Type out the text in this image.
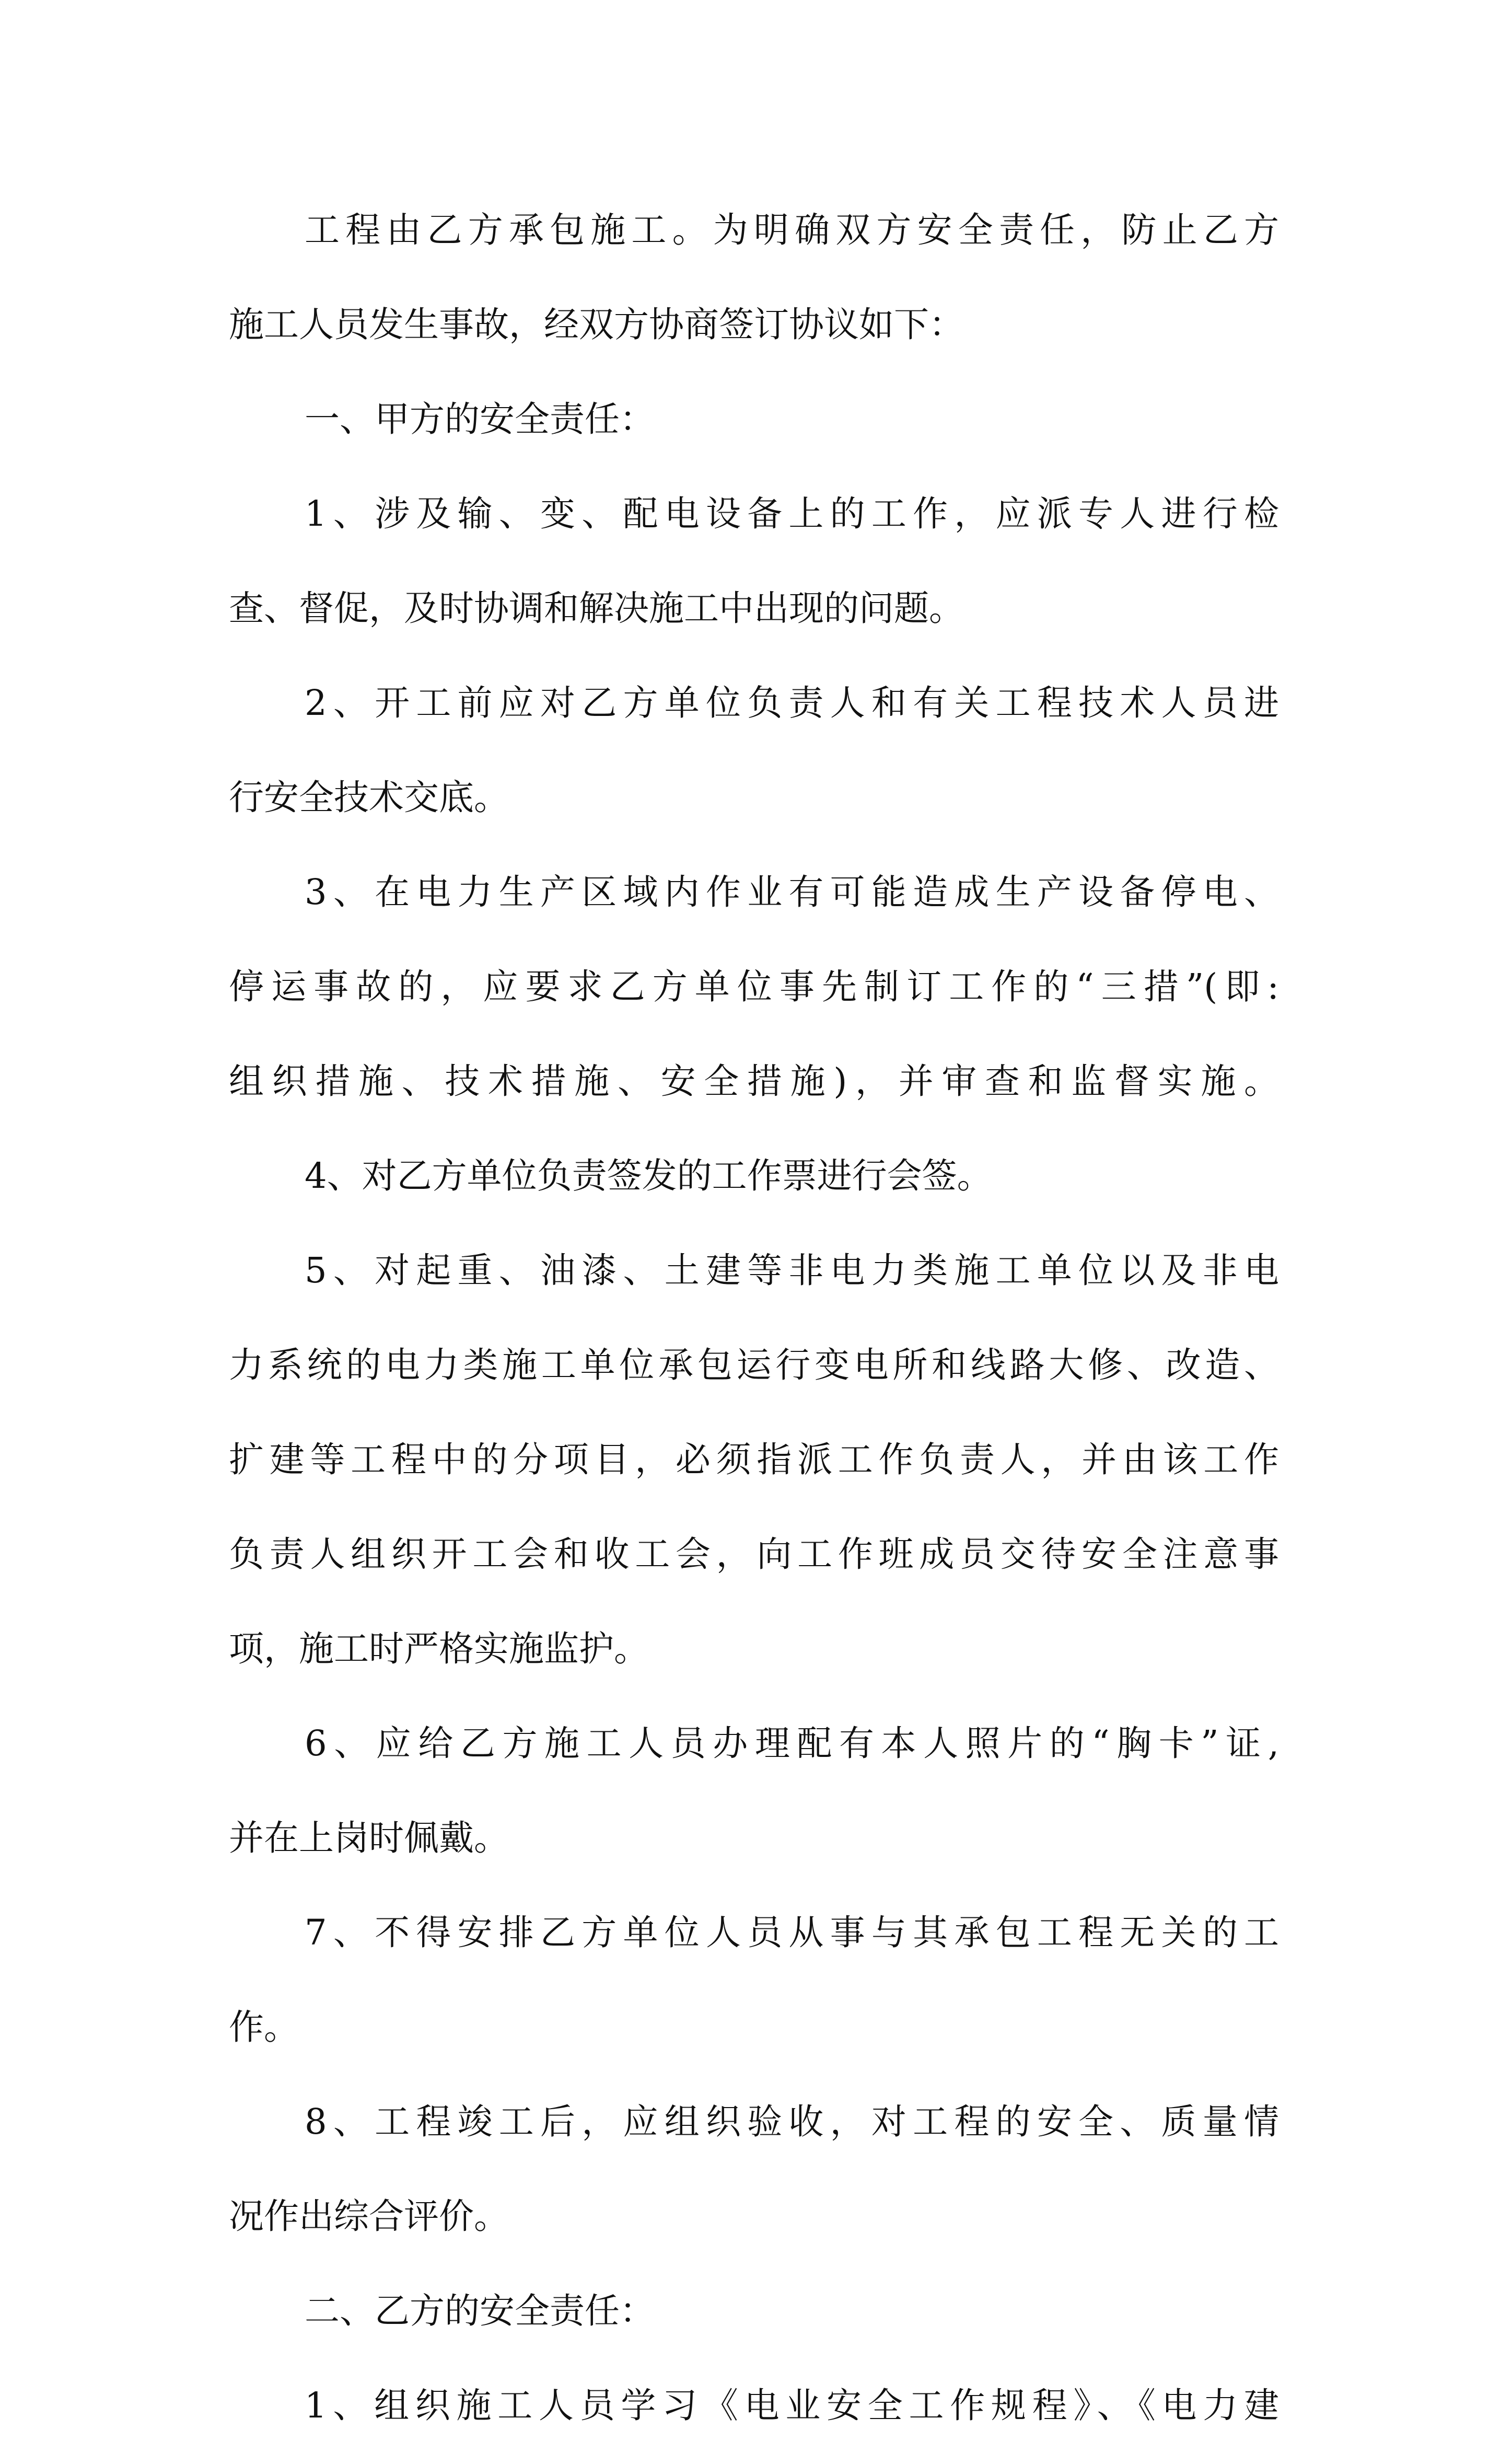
工程由乙方承包施工。为明确双方安全责任，防止乙方
施工人员发生事故，经双方协商签订协议如下：
一、甲方的安全责任：
1、涉及输、变、配电设备上的工作，应派专人进行检
查、督促，及时协调和解决施工中出现的问题。
2、开工前应对乙方单位负责人和有关工程技术人员进
行安全技术交底。
3、在电力生产区域内作业有可能造成生产设备停电、
停运事故的，应要求乙方单位事先制订工作的“三措”(即:
组织措施、技术措施、安全措施)，并审查和监督实施。
4、对乙方单位负责签发的工作票进行会签。
5、对起重、油漆、土建等非电力类施工单位以及非电
力系统的电力类施工单位承包运行变电所和线路大修、改造、
扩建等工程中的分项目，必须指派工作负责人，并由该工作
负责人组织开工会和收工会，向工作班成员交待安全注意事
项，施工时严格实施监护。
6、应给乙方施工人员办理配有本人照片的“胸卡”证,
并在上岗时佩戴。
7、不得安排乙方单位人员从事与其承包工程无关的工
作。
8、工程竣工后，应组织验收，对工程的安全、质量情
况作出综合评价。
二、乙方的安全责任：
1、组织施工人员学习《电业安全工作规程》、《电力建
